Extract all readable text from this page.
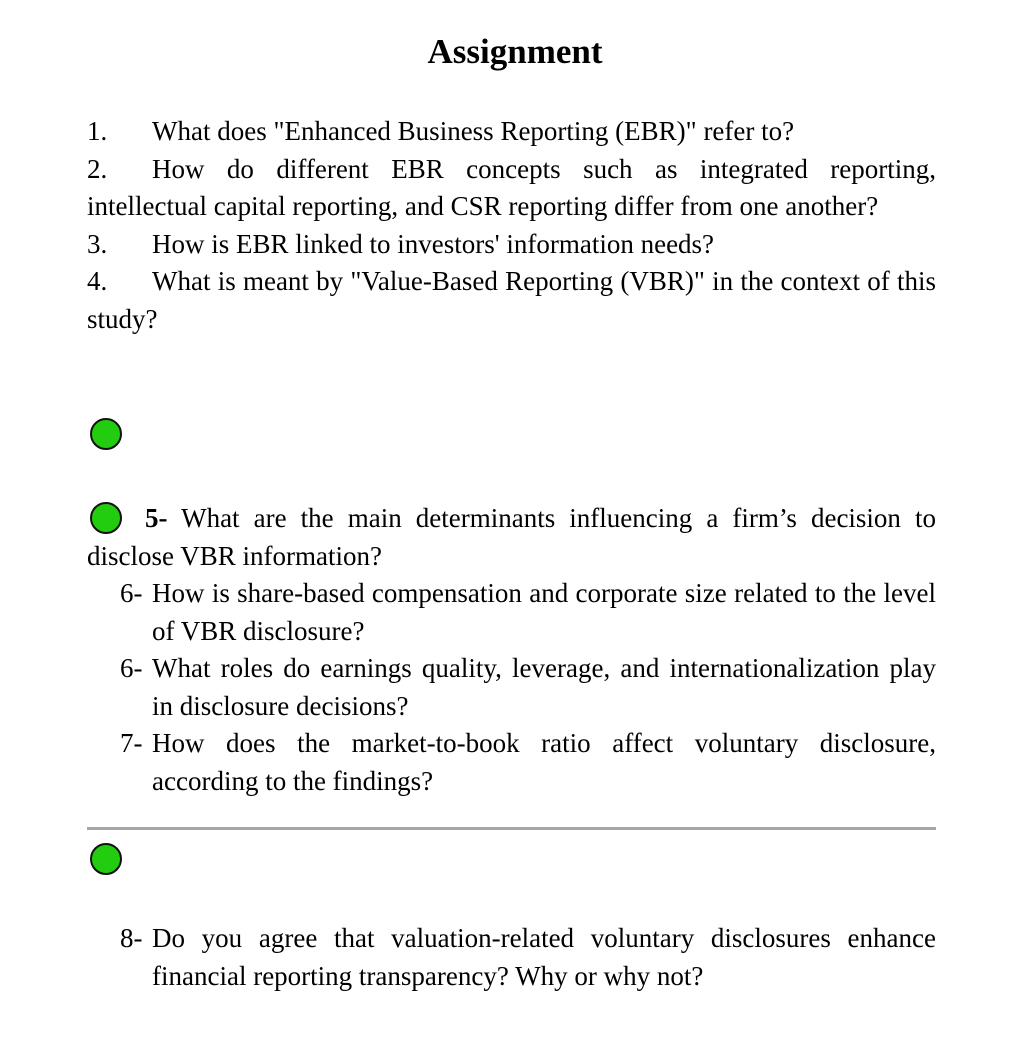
Assignment
1. What does "Enhanced Business Reporting (EBR)" refer to?
2. How do different EBR concepts such as integrated reporting, intellectual capital reporting, and CSR reporting differ from one another?
3. How is EBR linked to investors' information needs?
4. What is meant by "Value-Based Reporting (VBR)" in the context of this study?
5- What are the main determinants influencing a firm’s decision to disclose VBR information?
6- How is share-based compensation and corporate size related to the level of VBR disclosure?
6- What roles do earnings quality, leverage, and internationalization play in disclosure decisions?
7- How does the market-to-book ratio affect voluntary disclosure, according to the findings?
8- Do you agree that valuation-related voluntary disclosures enhance financial reporting transparency? Why or why not?
